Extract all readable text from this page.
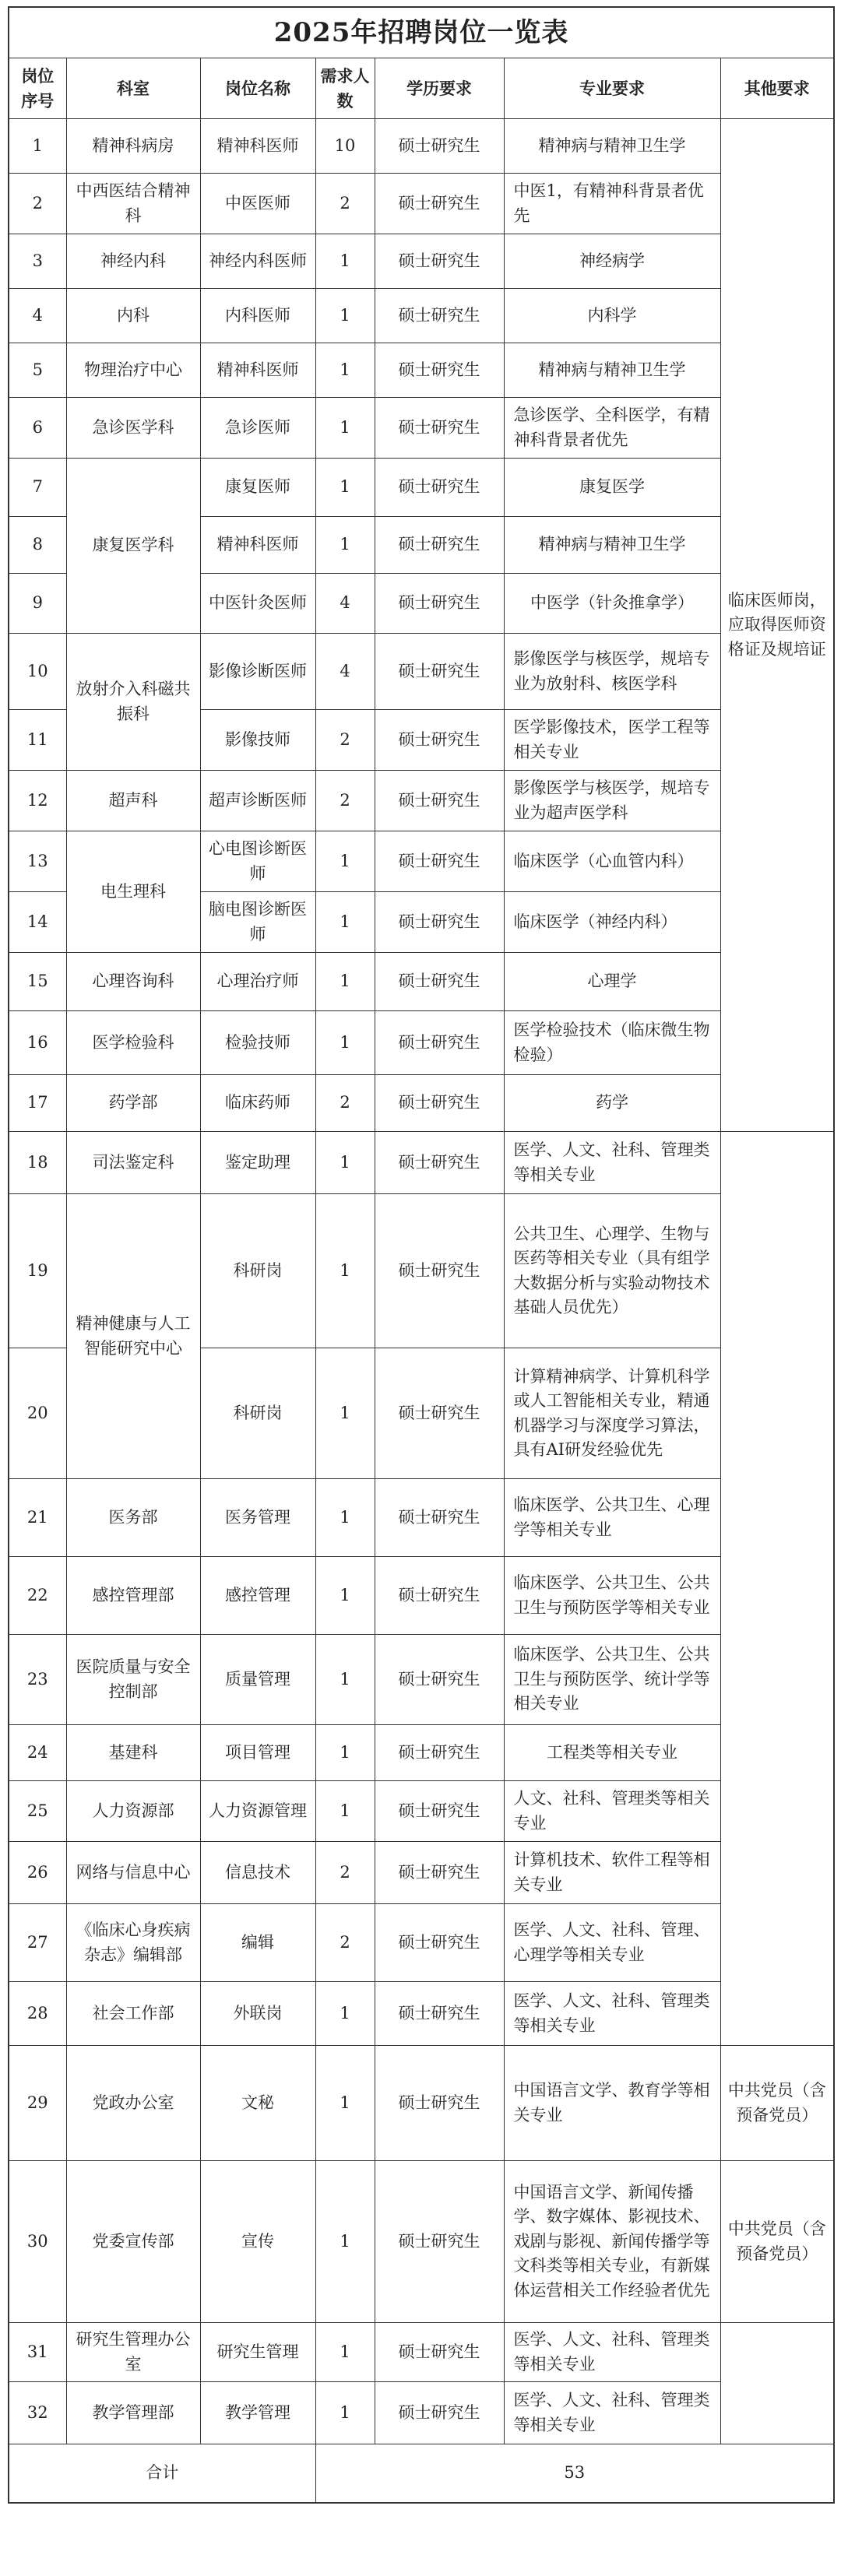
2025年招聘岗位一览表						
岗位序号	科室	岗位名称	需求人数	学历要求	专业要求	其他要求
1	精神科病房	精神科医师	10	硕士研究生	精神病与精神卫生学	临床医师岗，应取得医师资格证及规培证
2	中西医结合精神科	中医医师	2	硕士研究生	中医1，有精神科背景者优先	
3	神经内科	神经内科医师	1	硕士研究生	神经病学	
4	内科	内科医师	1	硕士研究生	内科学	
5	物理治疗中心	精神科医师	1	硕士研究生	精神病与精神卫生学	
6	急诊医学科	急诊医师	1	硕士研究生	急诊医学、全科医学，有精神科背景者优先	
7	康复医学科	康复医师	1	硕士研究生	康复医学	
8		精神科医师	1	硕士研究生	精神病与精神卫生学	
9		中医针灸医师	4	硕士研究生	中医学（针灸推拿学）	
10	放射介入科磁共振科	影像诊断医师	4	硕士研究生	影像医学与核医学，规培专业为放射科、核医学科	
11		影像技师	2	硕士研究生	医学影像技术，医学工程等相关专业	
12	超声科	超声诊断医师	2	硕士研究生	影像医学与核医学，规培专业为超声医学科	
13	电生理科	心电图诊断医师	1	硕士研究生	临床医学（心血管内科）	
14		脑电图诊断医师	1	硕士研究生	临床医学（神经内科）	
15	心理咨询科	心理治疗师	1	硕士研究生	心理学	
16	医学检验科	检验技师	1	硕士研究生	医学检验技术（临床微生物检验）	
17	药学部	临床药师	2	硕士研究生	药学	
18	司法鉴定科	鉴定助理	1	硕士研究生	医学、人文、社科、管理类等相关专业	
19	精神健康与人工智能研究中心	科研岗	1	硕士研究生	公共卫生、心理学、生物与医药等相关专业（具有组学大数据分析与实验动物技术基础人员优先）	
20		科研岗	1	硕士研究生	计算精神病学、计算机科学或人工智能相关专业，精通机器学习与深度学习算法，具有AI研发经验优先	
21	医务部	医务管理	1	硕士研究生	临床医学、公共卫生、心理学等相关专业	
22	感控管理部	感控管理	1	硕士研究生	临床医学、公共卫生、公共卫生与预防医学等相关专业	
23	医院质量与安全控制部	质量管理	1	硕士研究生	临床医学、公共卫生、公共卫生与预防医学、统计学等相关专业	
24	基建科	项目管理	1	硕士研究生	工程类等相关专业	
25	人力资源部	人力资源管理	1	硕士研究生	人文、社科、管理类等相关专业	
26	网络与信息中心	信息技术	2	硕士研究生	计算机技术、软件工程等相关专业	
27	《临床心身疾病杂志》编辑部	编辑	2	硕士研究生	医学、人文、社科、管理、心理学等相关专业	
28	社会工作部	外联岗	1	硕士研究生	医学、人文、社科、管理类等相关专业	
29	党政办公室	文秘	1	硕士研究生	中国语言文学、教育学等相关专业	中共党员（含预备党员）
30	党委宣传部	宣传	1	硕士研究生	中国语言文学、新闻传播学、数字媒体、影视技术、戏剧与影视、新闻传播学等文科类等相关专业，有新媒体运营相关工作经验者优先	中共党员（含预备党员）
31	研究生管理办公室	研究生管理	1	硕士研究生	医学、人文、社科、管理类等相关专业	
32	教学管理部	教学管理	1	硕士研究生	医学、人文、社科、管理类等相关专业	
合计			53			
